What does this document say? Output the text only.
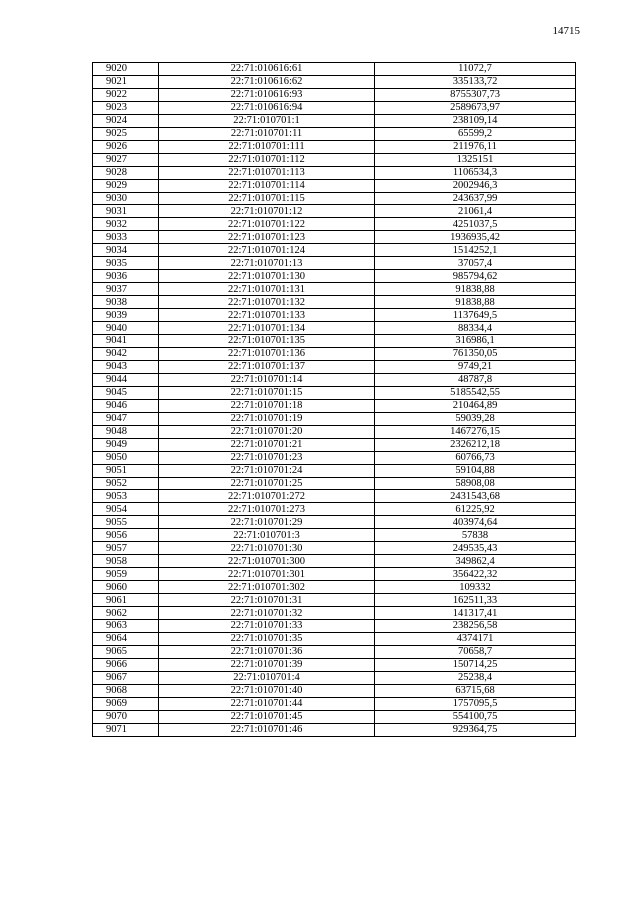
14715
9020	22:71:010616:61	11072,7
9021	22:71:010616:62	335133,72
9022	22:71:010616:93	8755307,73
9023	22:71:010616:94	2589673,97
9024	22:71:010701:1	238109,14
9025	22:71:010701:11	65599,2
9026	22:71:010701:111	211976,11
9027	22:71:010701:112	1325151
9028	22:71:010701:113	1106534,3
9029	22:71:010701:114	2002946,3
9030	22:71:010701:115	243637,99
9031	22:71:010701:12	21061,4
9032	22:71:010701:122	4251037,5
9033	22:71:010701:123	1936935,42
9034	22:71:010701:124	1514252,1
9035	22:71:010701:13	37057,4
9036	22:71:010701:130	985794,62
9037	22:71:010701:131	91838,88
9038	22:71:010701:132	91838,88
9039	22:71:010701:133	1137649,5
9040	22:71:010701:134	88334,4
9041	22:71:010701:135	316986,1
9042	22:71:010701:136	761350,05
9043	22:71:010701:137	9749,21
9044	22:71:010701:14	48787,8
9045	22:71:010701:15	5185542,55
9046	22:71:010701:18	210464,89
9047	22:71:010701:19	59039,28
9048	22:71:010701:20	1467276,15
9049	22:71:010701:21	2326212,18
9050	22:71:010701:23	60766,73
9051	22:71:010701:24	59104,88
9052	22:71:010701:25	58908,08
9053	22:71:010701:272	2431543,68
9054	22:71:010701:273	61225,92
9055	22:71:010701:29	403974,64
9056	22:71:010701:3	57838
9057	22:71:010701:30	249535,43
9058	22:71:010701:300	349862,4
9059	22:71:010701:301	356422,32
9060	22:71:010701:302	109332
9061	22:71:010701:31	162511,33
9062	22:71:010701:32	141317,41
9063	22:71:010701:33	238256,58
9064	22:71:010701:35	4374171
9065	22:71:010701:36	70658,7
9066	22:71:010701:39	150714,25
9067	22:71:010701:4	25238,4
9068	22:71:010701:40	63715,68
9069	22:71:010701:44	1757095,5
9070	22:71:010701:45	554100,75
9071	22:71:010701:46	929364,75
